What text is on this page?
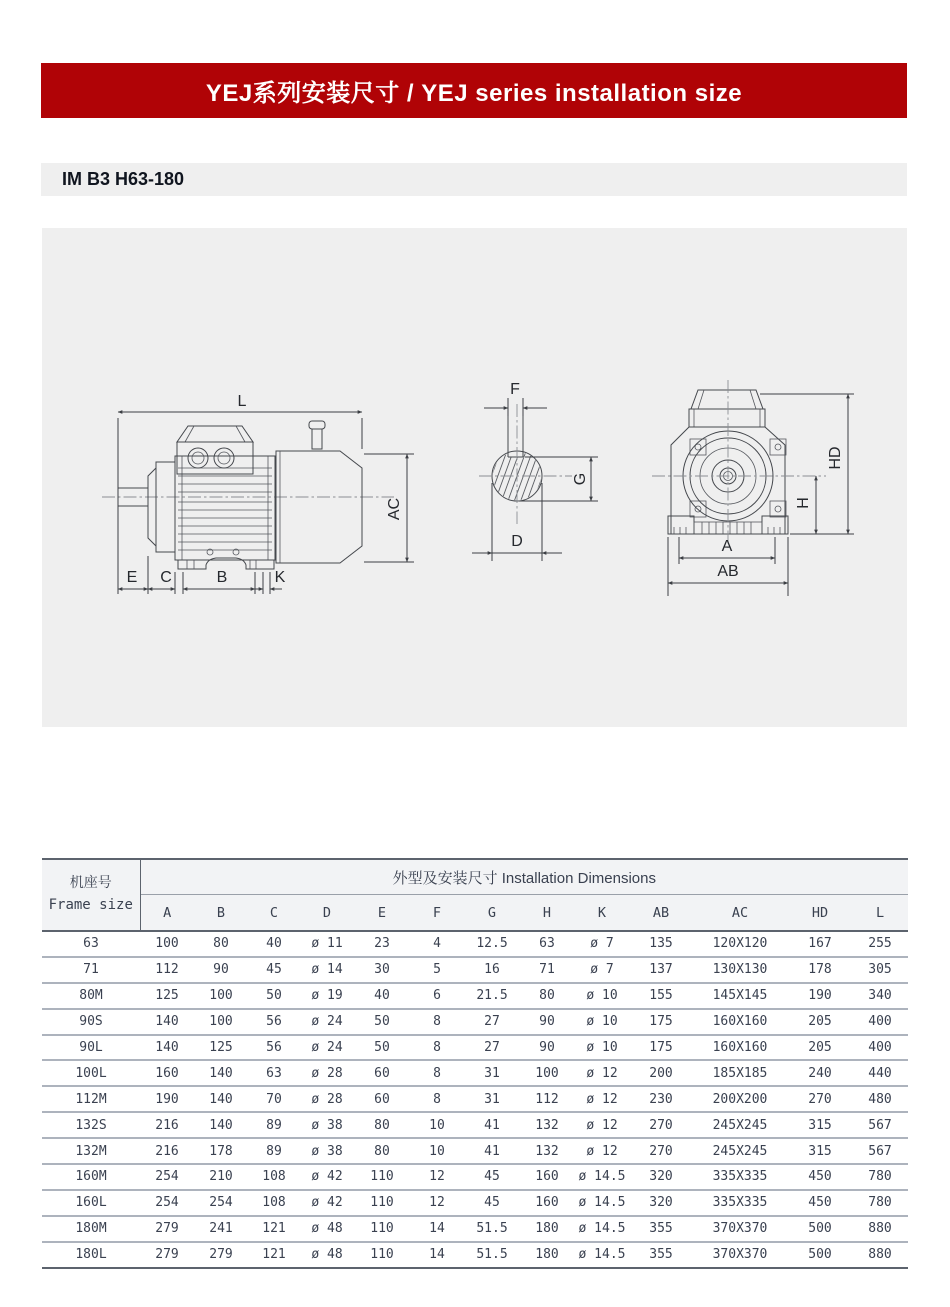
YEJ系列安装尺寸 / YEJ series installation size
IM B3 H63-180
L
AC
E C	B	K
F
G
D
HD
H
A
AB
机座号
Frame size	外型及安装尺寸 Installation Dimensions												
	A	B	C	D	E	F	G	H	K	AB	AC	HD	L
63	100	80	40	ø 11	23	4	12.5	63	ø 7	135	120X120	167	255
71	112	90	45	ø 14	30	5	16	71	ø 7	137	130X130	178	305
80M	125	100	50	ø 19	40	6	21.5	80	ø 10	155	145X145	190	340
90S	140	100	56	ø 24	50	8	27	90	ø 10	175	160X160	205	400
90L	140	125	56	ø 24	50	8	27	90	ø 10	175	160X160	205	400
100L	160	140	63	ø 28	60	8	31	100	ø 12	200	185X185	240	440
112M	190	140	70	ø 28	60	8	31	112	ø 12	230	200X200	270	480
132S	216	140	89	ø 38	80	10	41	132	ø 12	270	245X245	315	567
132M	216	178	89	ø 38	80	10	41	132	ø 12	270	245X245	315	567
160M	254	210	108	ø 42	110	12	45	160	ø 14.5	320	335X335	450	780
160L	254	254	108	ø 42	110	12	45	160	ø 14.5	320	335X335	450	780
180M	279	241	121	ø 48	110	14	51.5	180	ø 14.5	355	370X370	500	880
180L	279	279	121	ø 48	110	14	51.5	180	ø 14.5	355	370X370	500	880
